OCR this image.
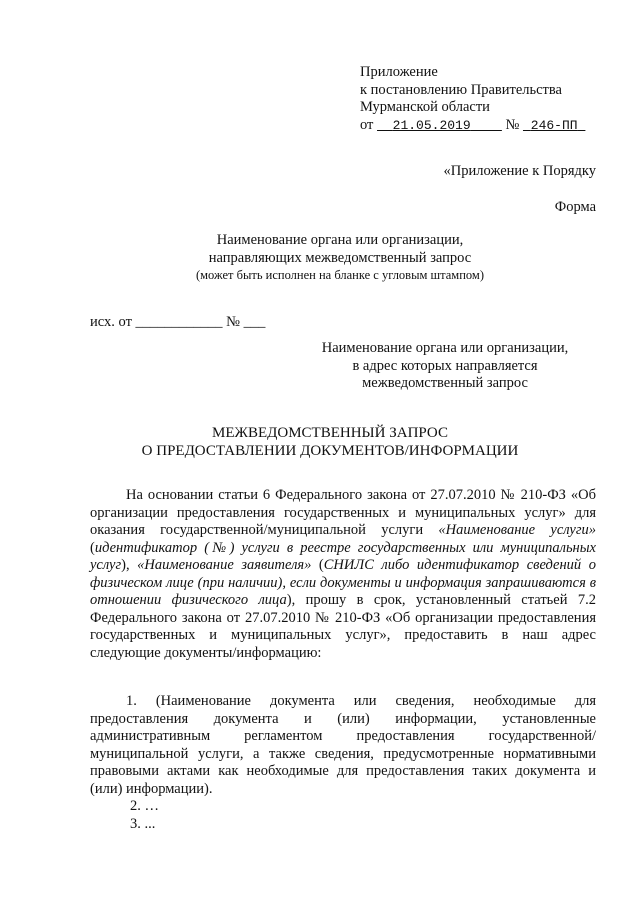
Приложение
к постановлению Правительства
Мурманской области
от 21.05.2019 № 246-ПП
«Приложение к Порядку
Форма
Наименование органа или организации,
направляющих межведомственный запрос
(может быть исполнен на бланке с угловым штампом)
исх. от ____________ № ___
Наименование органа или организации,
в адрес которых направляется
межведомственный запрос
МЕЖВЕДОМСТВЕННЫЙ ЗАПРОС
О ПРЕДОСТАВЛЕНИИ ДОКУМЕНТОВ/ИНФОРМАЦИИ

На основании статьи 6 Федерального закона от 27.07.2010 № 210-ФЗ «Об организации предоставления государственных и муниципальных услуг» для оказания государственной/муниципальной услуги «Наименование услуги» (идентификатор (№) услуги в реестре государственных или муниципальных услуг), «Наименование заявителя» (СНИЛС либо идентификатор сведений о физическом лице (при наличии), если документы и информация запрашиваются в отношении физического лица), прошу в срок, установленный статьей 7.2 Федерального закона от 27.07.2010 № 210-ФЗ «Об организации предоставления государственных и муниципальных услуг», предоставить в наш адрес следующие документы/информацию:

1. (Наименование документа или сведения, необходимые для предоставления документа и (или) информации, установленные административным регламентом предоставления государственной/муниципальной услуги, а также сведения, предусмотренные нормативными правовыми актами как необходимые для предоставления таких документа и (или) информации).

2. …

3. ...
